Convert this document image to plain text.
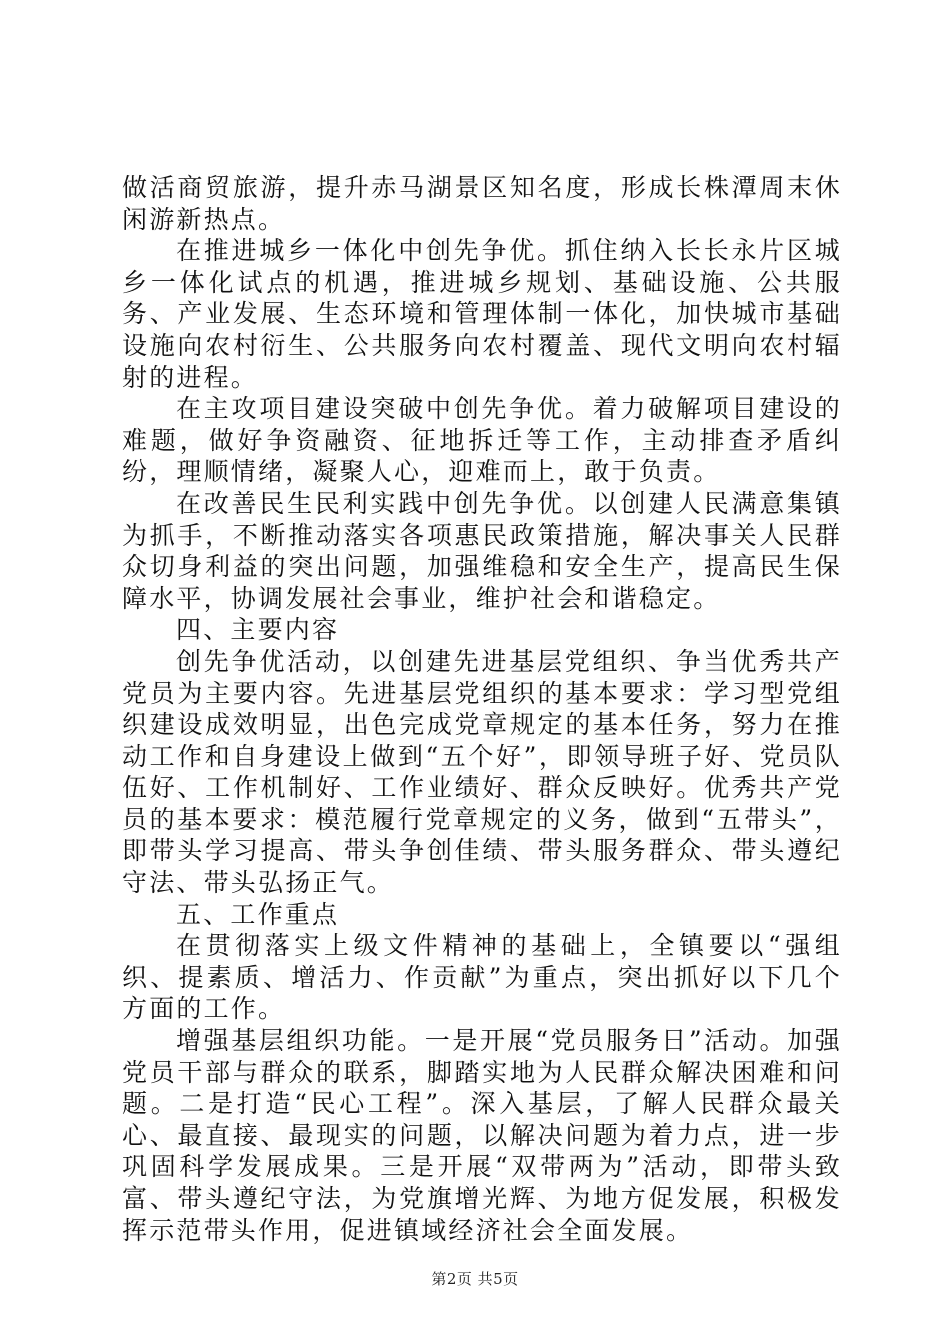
做活商贸旅游，提升赤马湖景区知名度，形成长株潭周末休闲游新热点。

在推进城乡一体化中创先争优。抓住纳入长长永片区城乡一体化试点的机遇，推进城乡规划、基础设施、公共服务、产业发展、生态环境和管理体制一体化，加快城市基础设施向农村衍生、公共服务向农村覆盖、现代文明向农村辐射的进程。

在主攻项目建设突破中创先争优。着力破解项目建设的难题，做好争资融资、征地拆迁等工作，主动排查矛盾纠纷，理顺情绪，凝聚人心，迎难而上，敢于负责。

在改善民生民利实践中创先争优。以创建人民满意集镇为抓手，不断推动落实各项惠民政策措施，解决事关人民群众切身利益的突出问题，加强维稳和安全生产，提高民生保障水平，协调发展社会事业，维护社会和谐稳定。

四、主要内容

创先争优活动，以创建先进基层党组织、争当优秀共产党员为主要内容。先进基层党组织的基本要求：学习型党组织建设成效明显，出色完成党章规定的基本任务，努力在推动工作和自身建设上做到“五个好”，即领导班子好、党员队伍好、工作机制好、工作业绩好、群众反映好。优秀共产党员的基本要求：模范履行党章规定的义务，做到“五带头”，即带头学习提高、带头争创佳绩、带头服务群众、带头遵纪守法、带头弘扬正气。

五、工作重点

在贯彻落实上级文件精神的基础上，全镇要以“强组织、提素质、增活力、作贡献”为重点，突出抓好以下几个方面的工作。

增强基层组织功能。一是开展“党员服务日”活动。加强党员干部与群众的联系，脚踏实地为人民群众解决困难和问题。二是打造“民心工程”。深入基层，了解人民群众最关心、最直接、最现实的问题，以解决问题为着力点，进一步巩固科学发展成果。三是开展“双带两为”活动，即带头致富、带头遵纪守法，为党旗增光辉、为地方促发展，积极发挥示范带头作用，促进镇域经济社会全面发展。

第2页 共5页
